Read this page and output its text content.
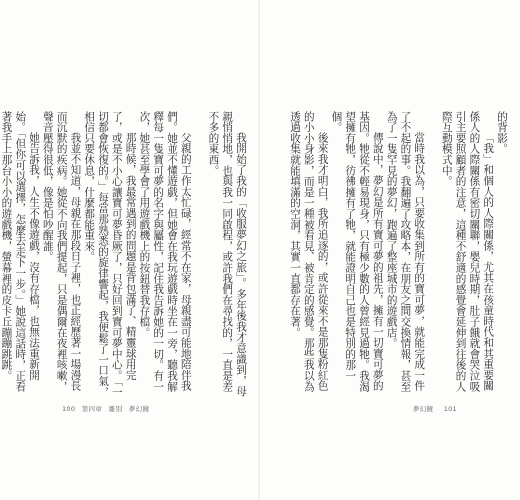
我開始了我的「收服夢幻之旅」。多年後我才意識到，母親悄悄地，也與我一同啟程，或許我們在尋找的，一直是差不多的東西。

父親的工作太忙碌，經常不在家，母親盡可能地陪伴我們。她並不懂遊戲，但她會在我玩遊戲時坐在一旁，聽我解釋每一隻寶可夢的名字與屬性，記住我告訴她的一切。有一次，她甚至學會了用遊戲機上的按鈕替我存檔。

那時候，我最常遇到的問題是背包滿了、精靈球用完了，或是不小心讓寶可夢昏厥了，只好回到寶可夢中心。「一切都會恢復的。」每當那熟悉的旋律響起，我便鬆了一口氣，相信只要休息，什麼都能重來。

我並不知道，母親在那段日子裡，也正經歷著一場漫長而沉默的疾病。她從不向我們提起，只是偶爾在夜裡咳嗽，聲音壓得很低，像是怕吵醒誰。

她告訴我，人生不像遊戲，沒有存檔，也無法重新開始。「但你可以選擇，怎麼去走下一步。」她說這話時，正看著我手上那台小小的遊戲機，螢幕裡的皮卡丘蹦蹦跳跳。

100 第四章　離別 夢幻鏡

的背影。

「我」和個人的人際關係，尤其在孩童時代和其重要關係人的人際關係有密切關聯，嬰兒時期，肚子餓就會哭泣吸引主要照顧者的注意，這種不舒適的感覺會延伸到往後的人際互動模式中。

當時我以為，只要收集到所有的寶可夢，就能完成一件了不起的事。我翻遍了攻略本，在朋友之間交換情報，甚至為了一隻罕見的夢幻，跑遍了整座城市的遊戲店。

傳說中，夢幻是所有寶可夢的祖先，擁有一切寶可夢的基因。牠從不輕易現身，只有極少數的人曾經見過牠。我渴望擁有牠，彷彿擁有了牠，就能證明自己也是特別的那一個。

後來我才明白，我所追逐的，或許從來不是那隻粉紅色的小小身影，而是一種被看見、被肯定的感覺。那些我以為透過收集就能填滿的空洞，其實一直都存在著。

夢幻鏡 101
